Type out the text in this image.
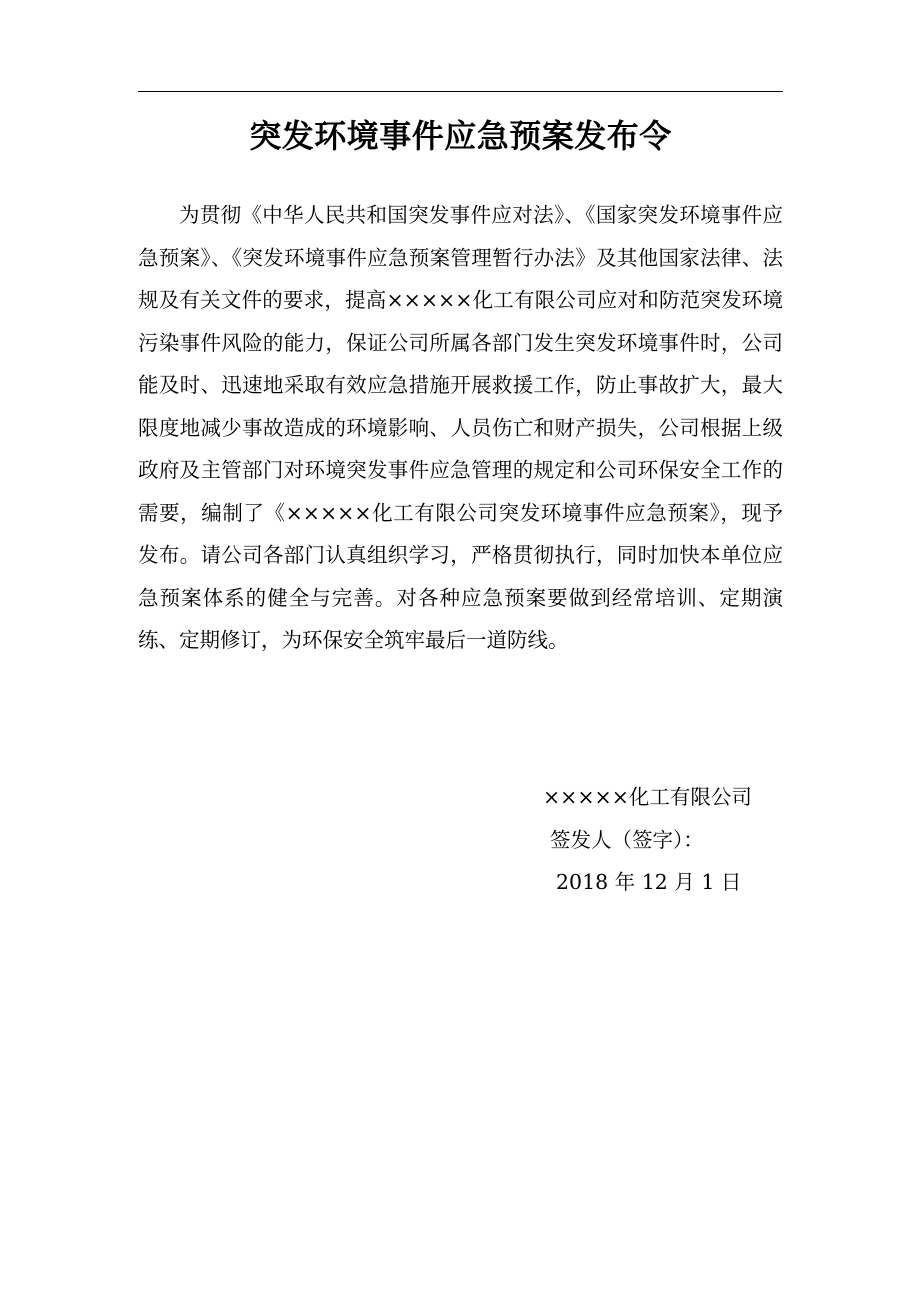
突发环境事件应急预案发布令

为贯彻《中华人民共和国突发事件应对法》、《国家突发环境事件应急预案》、《突发环境事件应急预案管理暂行办法》及其他国家法律、法规及有关文件的要求，提高×××××化工有限公司应对和防范突发环境污染事件风险的能力，保证公司所属各部门发生突发环境事件时，公司能及时、迅速地采取有效应急措施开展救援工作，防止事故扩大，最大限度地减少事故造成的环境影响、人员伤亡和财产损失，公司根据上级政府及主管部门对环境突发事件应急管理的规定和公司环保安全工作的需要，编制了《×××××化工有限公司突发环境事件应急预案》，现予发布。请公司各部门认真组织学习，严格贯彻执行，同时加快本单位应急预案体系的健全与完善。对各种应急预案要做到经常培训、定期演练、定期修订，为环保安全筑牢最后一道防线。

×××××化工有限公司
签发人（签字）：
2018 年 12 月 1 日
